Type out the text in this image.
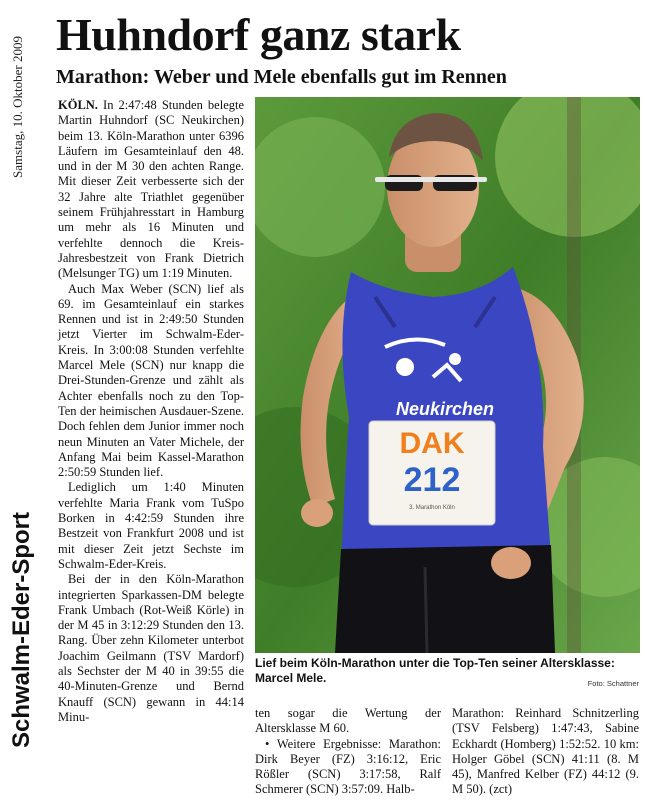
Samstag, 10. Oktober 2009
Schwalm-Eder-Sport
Huhndorf ganz stark
Marathon: Weber und Mele ebenfalls gut im Rennen

KÖLN. In 2:47:48 Stunden belegte Martin Huhndorf (SC Neukirchen) beim 13. Köln-Marathon unter 6396 Läufern im Gesamteinlauf den 48. und in der M 30 den achten Range. Mit dieser Zeit verbesserte sich der 32 Jahre alte Triathlet gegenüber seinem Frühjahresstart in Hamburg um mehr als 16 Minuten und verfehlte dennoch die Kreis-Jahresbestzeit von Frank Dietrich (Melsunger TG) um 1:19 Minuten.

Auch Max Weber (SCN) lief als 69. im Gesamteinlauf ein starkes Rennen und ist in 2:49:50 Stunden jetzt Vierter im Schwalm-Eder-Kreis. In 3:00:08 Stunden verfehlte Marcel Mele (SCN) nur knapp die Drei-Stunden-Grenze und zählt als Achter ebenfalls noch zu den Top-Ten der heimischen Ausdauer-Szene. Doch fehlen dem Junior immer noch neun Minuten an Vater Michele, der Anfang Mai beim Kassel-Marathon 2:50:59 Stunden lief.

Lediglich um 1:40 Minuten verfehlte Maria Frank vom TuSpo Borken in 4:42:59 Stunden ihre Bestzeit von Frankfurt 2008 und ist mit dieser Zeit jetzt Sechste im Schwalm-Eder-Kreis.

Bei der in den Köln-Marathon integrierten Sparkassen-DM belegte Frank Umbach (Rot-Weiß Körle) in der M 45 in 3:12:29 Stunden den 13. Rang. Über zehn Kilometer unterbot Joachim Geilmann (TSV Mardorf) als Sechster der M 40 in 39:55 die 40-Minuten-Grenze und Bernd Knauff (SCN) gewann in 44:14 Minu-

Neukirchen
DAK
212
3. Marathon Köln
Lief beim Köln-Marathon unter die Top-Ten seiner Altersklasse: Marcel Mele.	Foto: Schattner

ten sogar die Wertung der Altersklasse M 60.

• Weitere Ergebnisse: Marathon: Dirk Beyer (FZ) 3:16:12, Eric Rößler (SCN) 3:17:58, Ralf Schmerer (SCN) 3:57:09. Halb-

Marathon: Reinhard Schnitzerling (TSV Felsberg) 1:47:43, Sabine Eckhardt (Homberg) 1:52:52. 10 km: Holger Göbel (SCN) 41:11 (8. M 45), Manfred Kelber (FZ) 44:12 (9. M 50). (zct)
